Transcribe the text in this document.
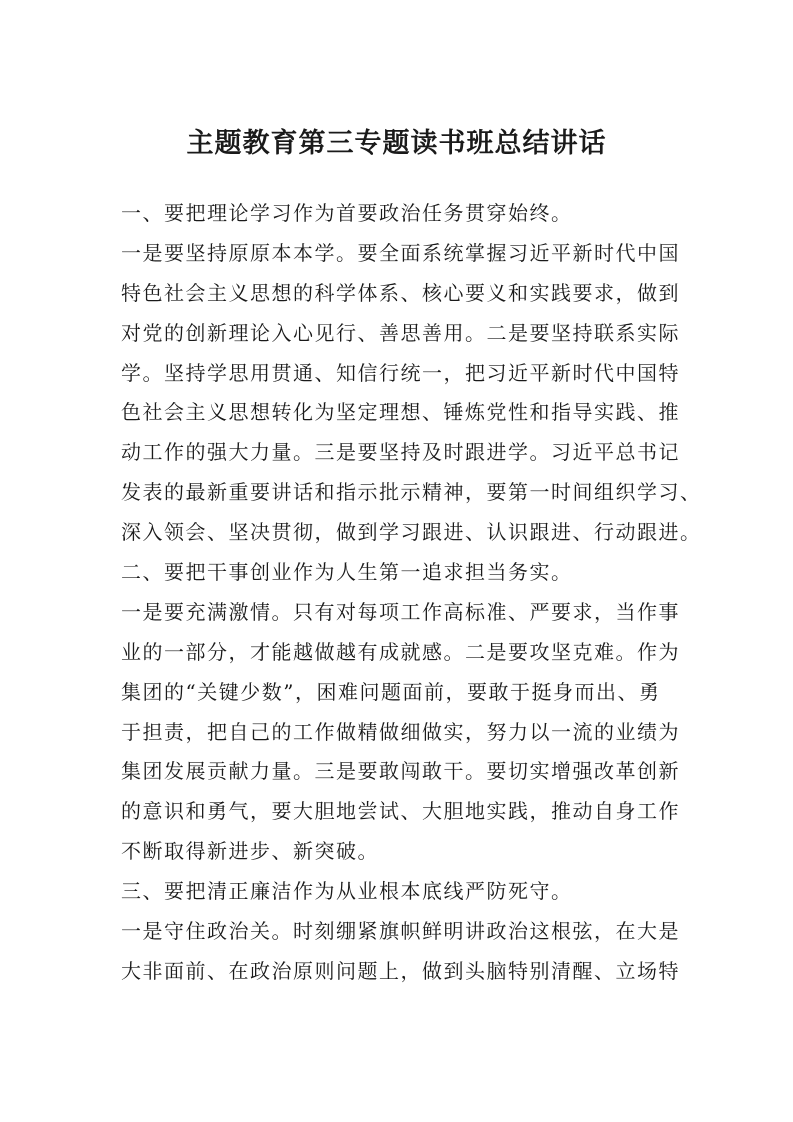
主题教育第三专题读书班总结讲话

一、要把理论学习作为首要政治任务贯穿始终。

一是要坚持原原本本学。要全面系统掌握习近平新时代中国

特色社会主义思想的科学体系、核心要义和实践要求，做到

对党的创新理论入心见行、善思善用。二是要坚持联系实际

学。坚持学思用贯通、知信行统一，把习近平新时代中国特

色社会主义思想转化为坚定理想、锤炼党性和指导实践、推

动工作的强大力量。三是要坚持及时跟进学。习近平总书记

发表的最新重要讲话和指示批示精神，要第一时间组织学习、

深入领会、坚决贯彻，做到学习跟进、认识跟进、行动跟进。

二、要把干事创业作为人生第一追求担当务实。

一是要充满激情。只有对每项工作高标准、严要求，当作事

业的一部分，才能越做越有成就感。二是要攻坚克难。作为

集团的“关键少数”，困难问题面前，要敢于挺身而出、勇

于担责，把自己的工作做精做细做实，努力以一流的业绩为

集团发展贡献力量。三是要敢闯敢干。要切实增强改革创新

的意识和勇气，要大胆地尝试、大胆地实践，推动自身工作

不断取得新进步、新突破。

三、要把清正廉洁作为从业根本底线严防死守。

一是守住政治关。时刻绷紧旗帜鲜明讲政治这根弦，在大是

大非面前、在政治原则问题上，做到头脑特别清醒、立场特
